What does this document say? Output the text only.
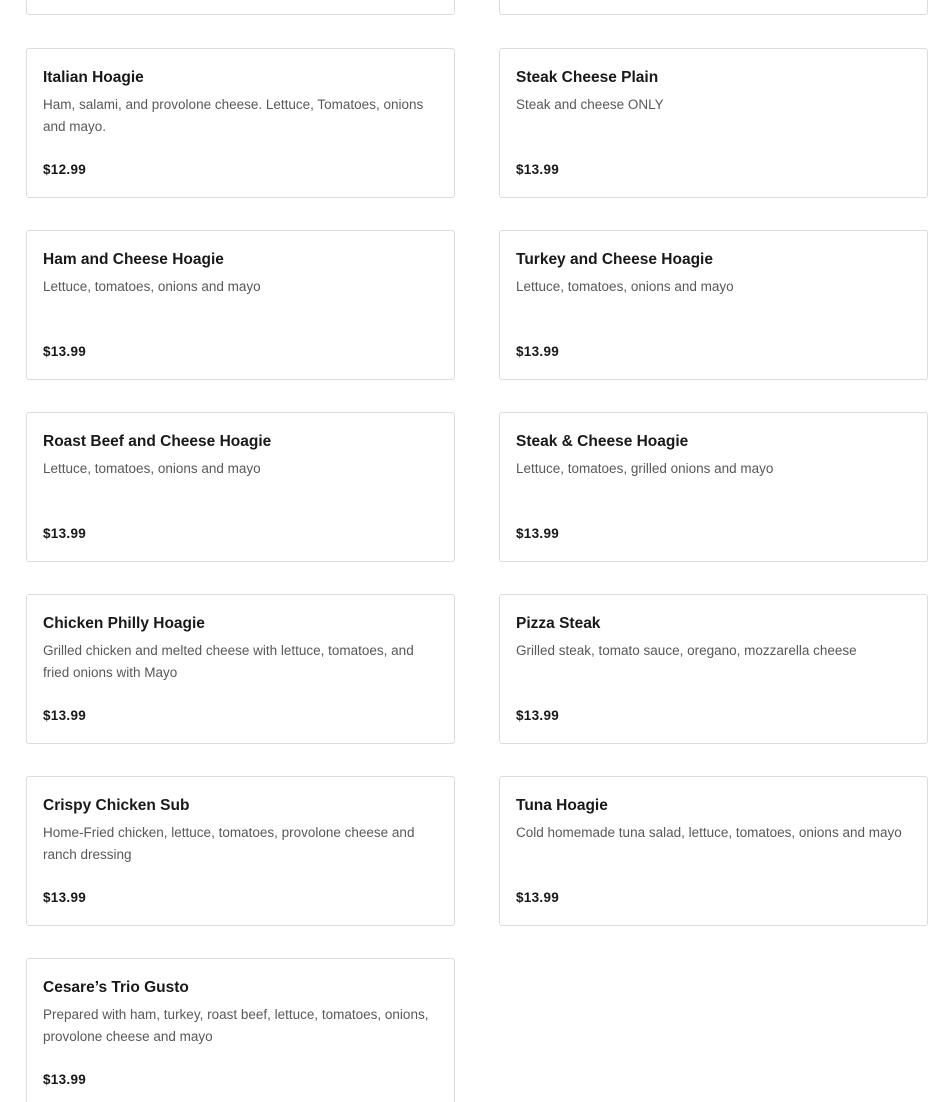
Italian Hoagie
Ham, salami, and provolone cheese. Lettuce, Tomatoes, onions and mayo.
$12.99
Steak Cheese Plain
Steak and cheese ONLY
$13.99
Ham and Cheese Hoagie
Lettuce, tomatoes, onions and mayo
$13.99
Turkey and Cheese Hoagie
Lettuce, tomatoes, onions and mayo
$13.99
Roast Beef and Cheese Hoagie
Lettuce, tomatoes, onions and mayo
$13.99
Steak & Cheese Hoagie
Lettuce, tomatoes, grilled onions and mayo
$13.99
Chicken Philly Hoagie
Grilled chicken and melted cheese with lettuce, tomatoes, and fried onions with Mayo
$13.99
Pizza Steak
Grilled steak, tomato sauce, oregano, mozzarella cheese
$13.99
Crispy Chicken Sub
Home-Fried chicken, lettuce, tomatoes, provolone cheese and ranch dressing
$13.99
Tuna Hoagie
Cold homemade tuna salad, lettuce, tomatoes, onions and mayo
$13.99
Cesare’s Trio Gusto
Prepared with ham, turkey, roast beef, lettuce, tomatoes, onions, provolone cheese and mayo
$13.99
